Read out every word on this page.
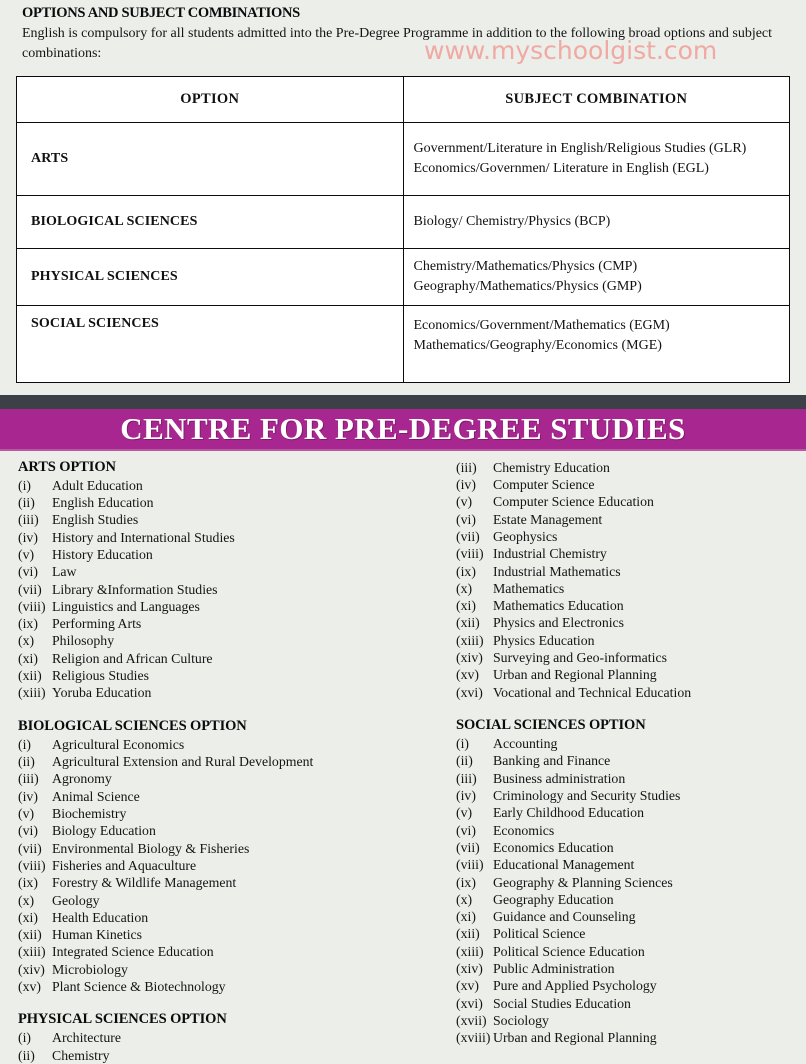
OPTIONS AND SUBJECT COMBINATIONS
English is compulsory for all students admitted into the Pre-Degree Programme in addition to the following broad options and subject combinations:	www.myschoolgist.com
OPTION	SUBJECT COMBINATION
ARTS	Government/Literature in English/Religious Studies (GLR) Economics/Governmen/ Literature in English (EGL)
BIOLOGICAL SCIENCES	Biology/ Chemistry/Physics (BCP)
PHYSICAL SCIENCES	Chemistry/Mathematics/Physics (CMP) Geography/Mathematics/Physics (GMP)
SOCIAL SCIENCES	Economics/Government/Mathematics (EGM) Mathematics/Geography/Economics (MGE)
CENTRE FOR PRE-DEGREE STUDIES
ARTS OPTION
(i)	Adult Education
(ii)	English Education
(iii) English Studies
(iv)	History and International Studies
(v)	History Education
(vi)	Law
(vii) Library &Information Studies
(viii) Linguistics and Languages
(ix)	Performing Arts
(x)	Philosophy
(xi)	Religion and African Culture
(xii) Religious Studies
(xiii) Yoruba Education
BIOLOGICAL SCIENCES OPTION
(i)	Agricultural Economics
(ii)	Agricultural Extension and Rural Development
(iii) Agronomy
(iv)	Animal Science
(v)	Biochemistry
(vi)	Biology Education
(vii) Environmental Biology & Fisheries
(viii) Fisheries and Aquaculture
(ix)	Forestry & Wildlife Management
(x)	Geology
(xi)	Health Education
(xii) Human Kinetics
(xiii) Integrated Science Education
(xiv) Microbiology
(xv) Plant Science & Biotechnology
PHYSICAL SCIENCES OPTION
(i)	Architecture
(ii)	Chemistry
(iii)	Chemistry Education
(iv)	Computer Science
(v)	Computer Science Education
(vi)	Estate Management
(vii) Geophysics
(viii) Industrial Chemistry
(ix)	Industrial Mathematics
(x)	Mathematics
(xi)	Mathematics Education
(xii) Physics and Electronics
(xiii) Physics Education
(xiv) Surveying and Geo-informatics
(xv)	Urban and Regional Planning
(xvi) Vocational and Technical Education
SOCIAL SCIENCES OPTION
(i)	Accounting
(ii)	Banking and Finance
(iii)	Business administration
(iv)	Criminology and Security Studies
(v)	Early Childhood Education
(vi)	Economics
(vii) Economics Education
(viii) Educational Management
(ix)	Geography & Planning Sciences
(x)	Geography Education
(xi)	Guidance and Counseling
(xii) Political Science
(xiii) Political Science Education
(xiv) Public Administration
(xv)	Pure and Applied Psychology
(xvi) Social Studies Education
(xvii) Sociology
(xviii) Urban and Regional Planning
